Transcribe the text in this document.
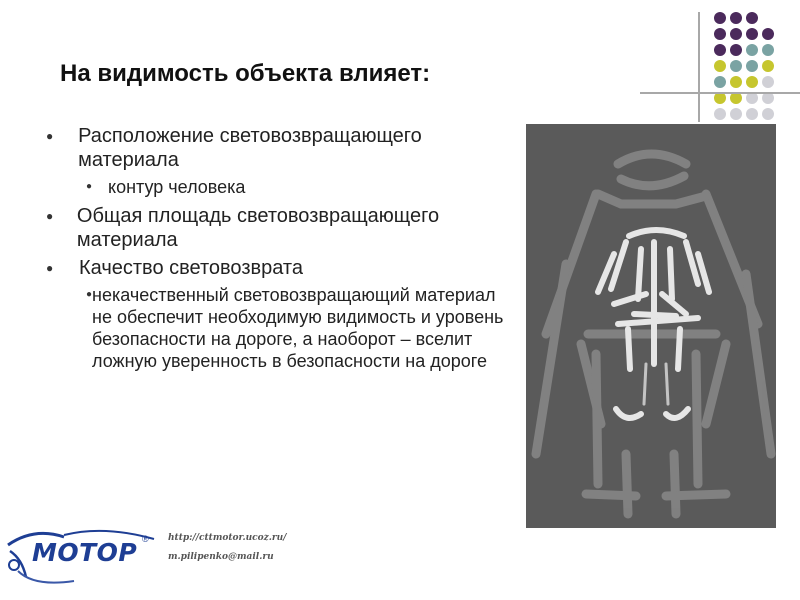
На видимость объекта влияет:
●	Расположение световозвращающего материала
● контур человека
●	Общая площадь световозвращающего материала
●	Качество световозврата
● некачественный световозвращающий материал не обеспечит необходимую видимость и уровень безопасности на дороге, а наоборот – вселит ложную уверенность в безопасности на дороге
МОТОР ® http://cttmotor.ucoz.ru/
m.pilipenko@mail.ru
